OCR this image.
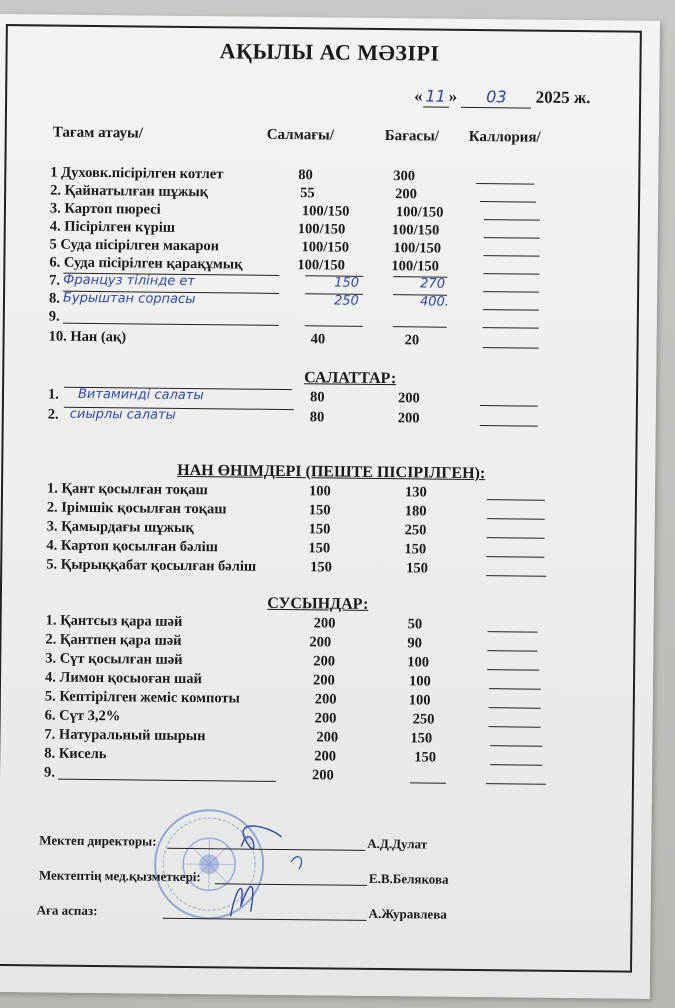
АҚЫЛЫ АС МӘЗІРІ
« 11 » 03 2025 ж.
Тағам атауы/	Салмағы/	Бағасы/ Каллория/
1 Духовк.пісірілген котлет	80	300
2. Қайнатылған шұжық	55	200
3. Картоп пюресі	100/150	100/150
4. Пісірілген күріш	100/150	100/150
5 Суда пісірілген макарон	100/150	100/150
6. Суда пісірілген қарақұмық	100/150	100/150
7. Француз тілінде ет	150	270
8. Бурыштан сорпасы	250	400.
9.
10. Нан (ақ)	40	20
САЛАТТАР:
1. Витаминді салаты	80	200
2. сиырлы салаты	80	200
НАН ӨНІМДЕРІ (ПЕШТЕ ПІСІРІЛГЕН):
1. Қант қосылған тоқаш	100	130
2. Ірімшік қосылған тоқаш	150	180
3. Қамырдағы шұжық	150	250
4. Картоп қосылған бәліш	150	150
5. Қырыққабат қосылған бәліш	150	150
СУСЫНДАР:
1. Қантсыз қара шәй	200	50
2. Қантпен қара шәй	200	90
3. Сүт қосылған шәй	200	100
4. Лимон қосыоған шай	200	100
5. Кептірілген жеміс компоты	200	100
6. Сүт 3,2%	200	250
7. Натуральный шырын	200	150
8. Кисель	200	150
9.	200
Мектеп директоры:	А.Д.Дулат
Мектептің мед.қызметкері:	Е.В.Белякова
Аға аспаз:	А.Журавлева
